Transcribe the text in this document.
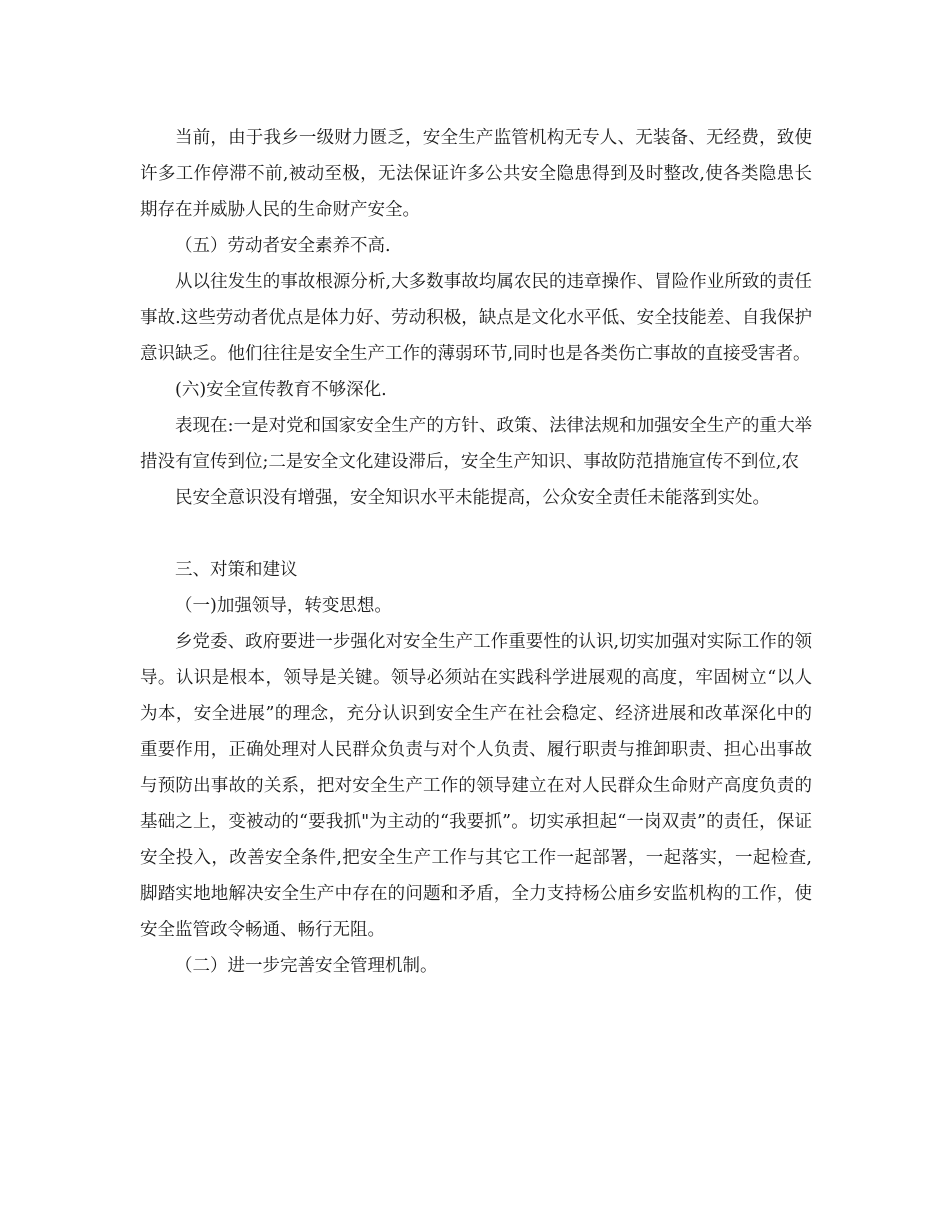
当前，由于我乡一级财力匮乏，安全生产监管机构无专人、无装备、无经费，致使许多工作停滞不前,被动至极，无法保证许多公共安全隐患得到及时整改,使各类隐患长期存在并威胁人民的生命财产安全。

（五）劳动者安全素养不高.

从以往发生的事故根源分析,大多数事故均属农民的违章操作、冒险作业所致的责任事故.这些劳动者优点是体力好、劳动积极，缺点是文化水平低、安全技能差、自我保护意识缺乏。他们往往是安全生产工作的薄弱环节,同时也是各类伤亡事故的直接受害者。

(六)安全宣传教育不够深化.

表现在:一是对党和国家安全生产的方针、政策、法律法规和加强安全生产的重大举措没有宣传到位;二是安全文化建设滞后，安全生产知识、事故防范措施宣传不到位,农

民安全意识没有增强，安全知识水平未能提高，公众安全责任未能落到实处。

三、对策和建议

（一)加强领导，转变思想。

乡党委、政府要进一步强化对安全生产工作重要性的认识,切实加强对实际工作的领导。认识是根本，领导是关键。领导必须站在实践科学进展观的高度，牢固树立“以人为本，安全进展”的理念，充分认识到安全生产在社会稳定、经济进展和改革深化中的重要作用，正确处理对人民群众负责与对个人负责、履行职责与推卸职责、担心出事故与预防出事故的关系，把对安全生产工作的领导建立在对人民群众生命财产高度负责的基础之上，变被动的“要我抓"为主动的“我要抓”。切实承担起“一岗双责”的责任，保证安全投入，改善安全条件,把安全生产工作与其它工作一起部署，一起落实，一起检查,脚踏实地地解决安全生产中存在的问题和矛盾，全力支持杨公庙乡安监机构的工作，使安全监管政令畅通、畅行无阻。

（二）进一步完善安全管理机制。
